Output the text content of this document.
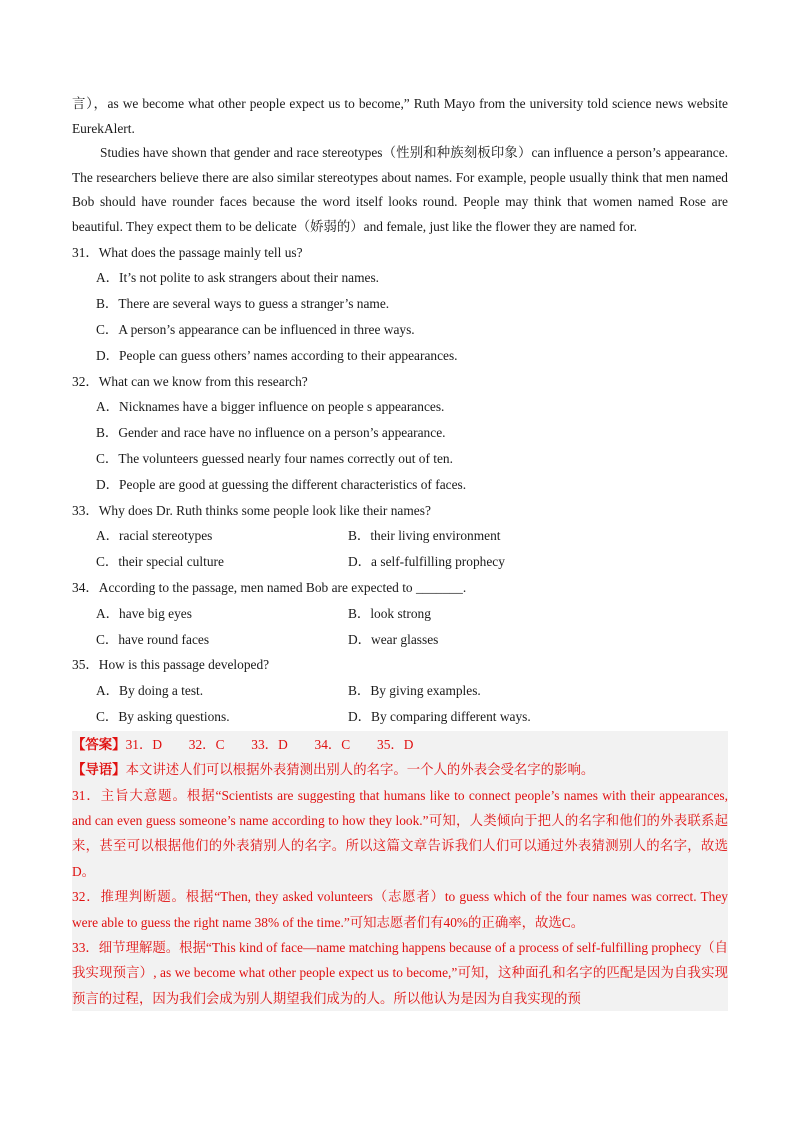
言），as we become what other people expect us to become,” Ruth Mayo from the university told science news website EurekAlert.

Studies have shown that gender and race stereotypes（性别和种族刻板印象）can influence a person’s appearance. The researchers believe there are also similar stereotypes about names. For example, people usually think that men named Bob should have rounder faces because the word itself looks round. People may think that women named Rose are beautiful. They expect them to be delicate（娇弱的）and female, just like the flower they are named for.

31．What does the passage mainly tell us?

A．It’s not polite to ask strangers about their names.

B．There are several ways to guess a stranger’s name.

C．A person’s appearance can be influenced in three ways.

D．People can guess others’ names according to their appearances.

32．What can we know from this research?

A．Nicknames have a bigger influence on people s appearances.

B．Gender and race have no influence on a person’s appearance.

C．The volunteers guessed nearly four names correctly out of ten.

D．People are good at guessing the different characteristics of faces.

33．Why does Dr. Ruth thinks some people look like their names?

A．racial stereotypes	B．their living environment
C．their special culture	D．a self-fulfilling prophecy

34．According to the passage, men named Bob are expected to _______.

A．have big eyes	B．look strong
C．have round faces	D．wear glasses

35．How is this passage developed?

A．By doing a test.	B．By giving examples.
C．By asking questions.	D．By comparing different ways.

【答案】31．D　　32．C　　33．D　　34．C　　35．D

【导语】本文讲述人们可以根据外表猜测出别人的名字。一个人的外表会受名字的影响。

31．主旨大意题。根据“Scientists are suggesting that humans like to connect people’s names with their appearances, and can even guess someone’s name according to how they look.”可知，人类倾向于把人的名字和他们的外表联系起来，甚至可以根据他们的外表猜别人的名字。所以这篇文章告诉我们人们可以通过外表猜测别人的名字，故选D。

32．推理判断题。根据“Then, they asked volunteers（志愿者）to guess which of the four names was correct. They were able to guess the right name 38% of the time.”可知志愿者们有40%的正确率，故选C。

33．细节理解题。根据“This kind of face—name matching happens because of a process of self-fulfilling prophecy（自我实现预言）, as we become what other people expect us to become,”可知，这种面孔和名字的匹配是因为自我实现预言的过程，因为我们会成为别人期望我们成为的人。所以他认为是因为自我实现的预
